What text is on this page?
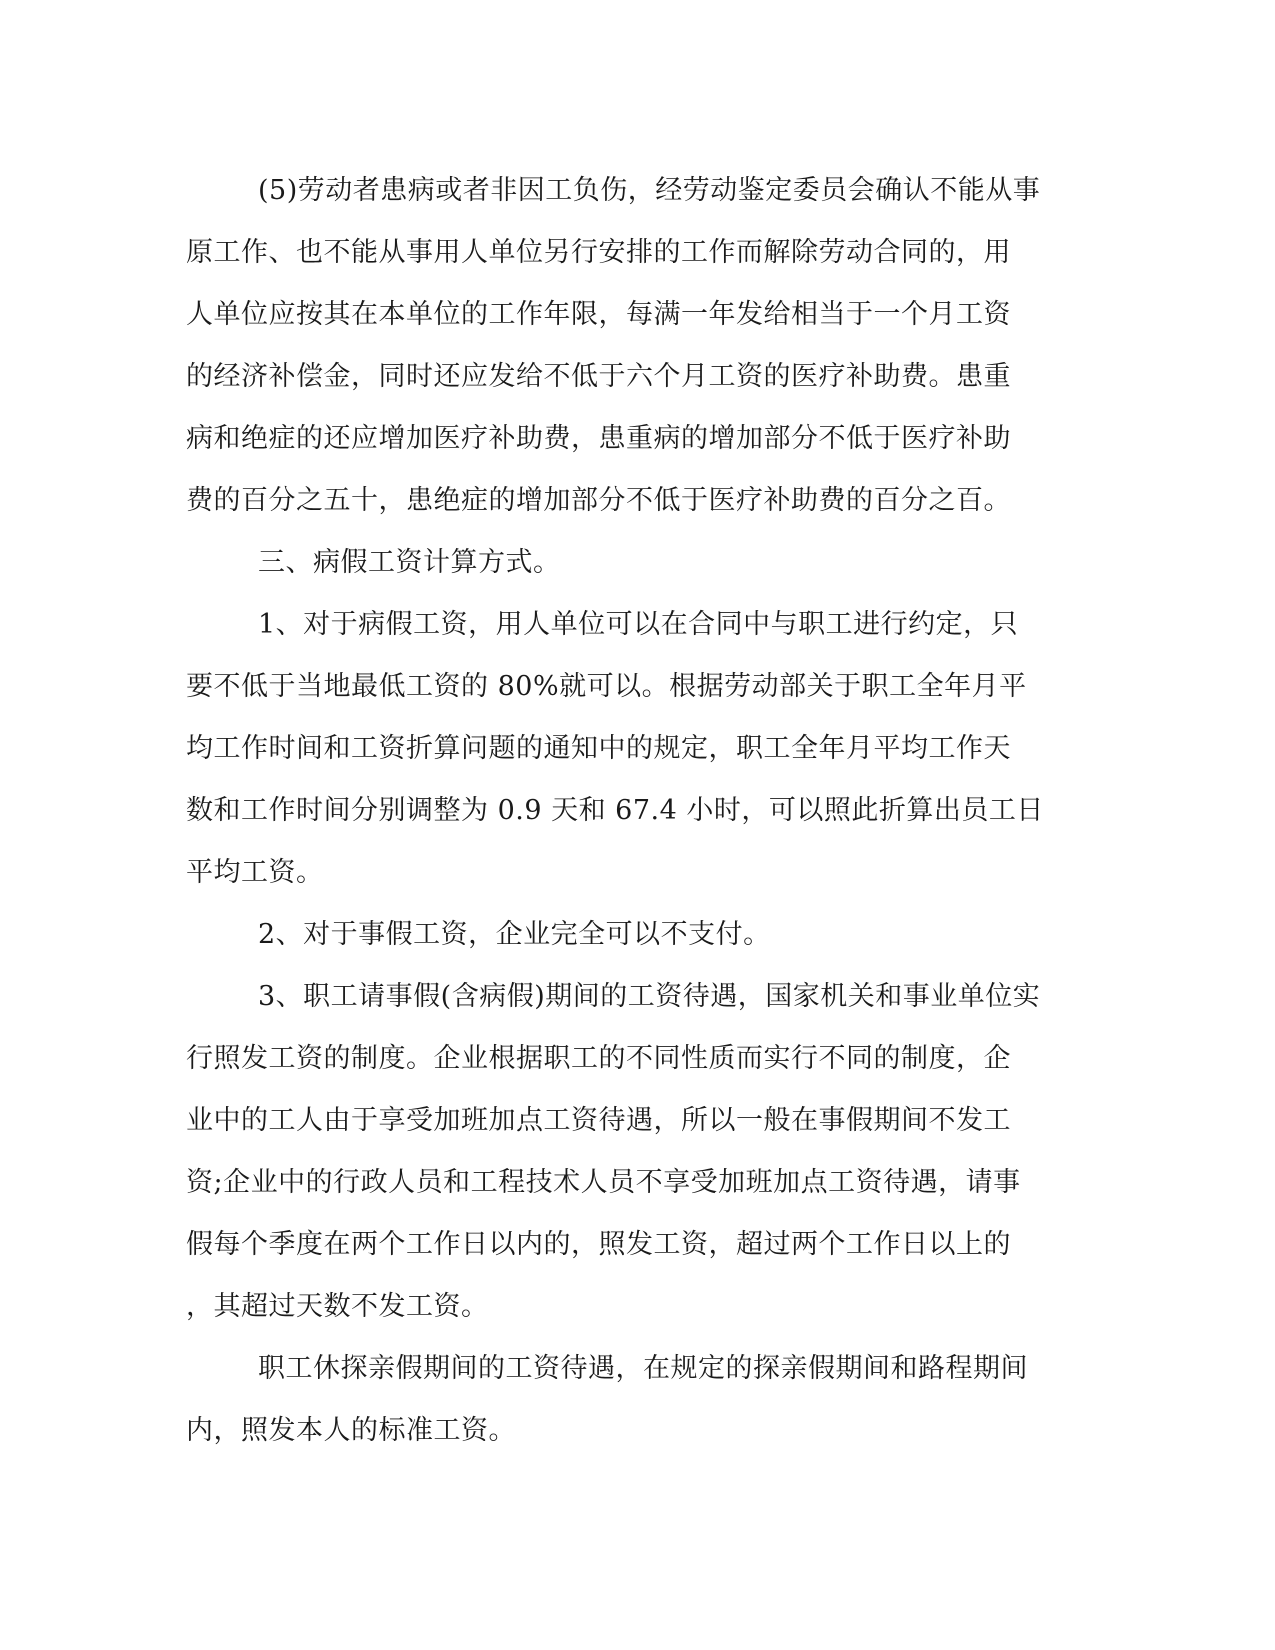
(5)劳动者患病或者非因工负伤，经劳动鉴定委员会确认不能从事
原工作、也不能从事用人单位另行安排的工作而解除劳动合同的，用
人单位应按其在本单位的工作年限，每满一年发给相当于一个月工资
的经济补偿金，同时还应发给不低于六个月工资的医疗补助费。患重
病和绝症的还应增加医疗补助费，患重病的增加部分不低于医疗补助
费的百分之五十，患绝症的增加部分不低于医疗补助费的百分之百。
三、病假工资计算方式。
1、对于病假工资，用人单位可以在合同中与职工进行约定，只
要不低于当地最低工资的 80%就可以。根据劳动部关于职工全年月平
均工作时间和工资折算问题的通知中的规定，职工全年月平均工作天
数和工作时间分别调整为 0.9 天和 67.4 小时，可以照此折算出员工日
平均工资。
2、对于事假工资，企业完全可以不支付。
3、职工请事假(含病假)期间的工资待遇，国家机关和事业单位实
行照发工资的制度。企业根据职工的不同性质而实行不同的制度，企
业中的工人由于享受加班加点工资待遇，所以一般在事假期间不发工
资;企业中的行政人员和工程技术人员不享受加班加点工资待遇，请事
假每个季度在两个工作日以内的，照发工资，超过两个工作日以上的
，其超过天数不发工资。
职工休探亲假期间的工资待遇，在规定的探亲假期间和路程期间
内，照发本人的标准工资。
